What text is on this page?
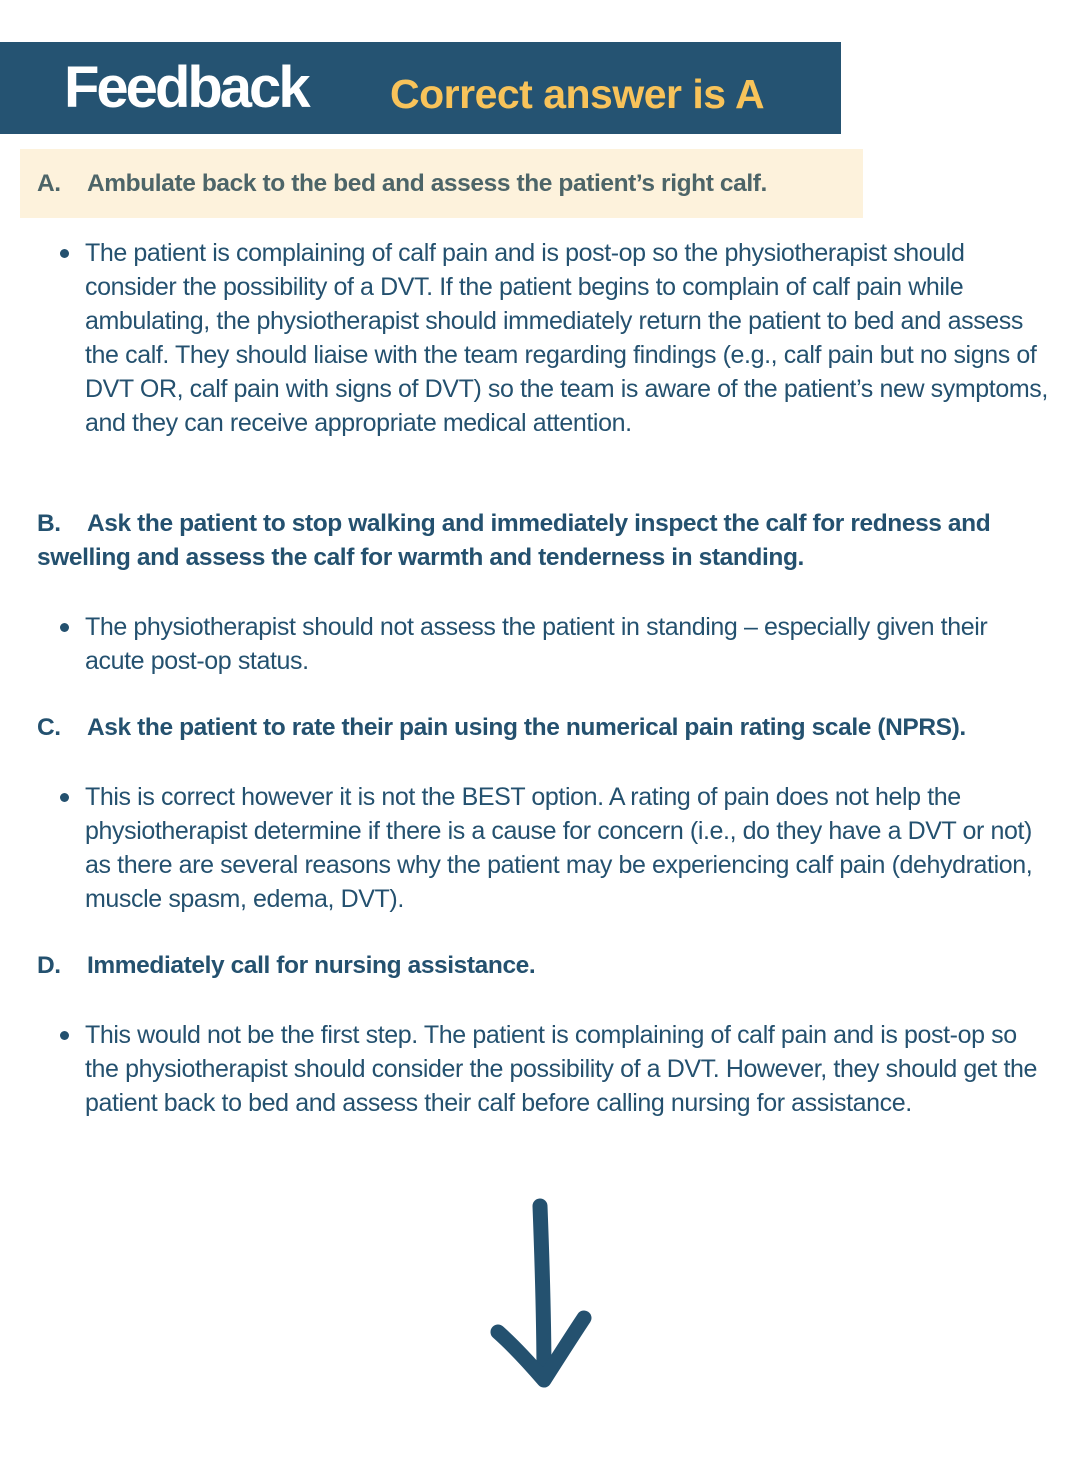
Feedback Correct answer is A
A. Ambulate back to the bed and assess the patient’s right calf.
The patient is complaining of calf pain and is post-op so the physiotherapist should consider the possibility of a DVT. If the patient begins to complain of calf pain while ambulating, the physiotherapist should immediately return the patient to bed and assess the calf. They should liaise with the team regarding findings (e.g., calf pain but no signs of DVT OR, calf pain with signs of DVT) so the team is aware of the patient’s new symptoms, and they can receive appropriate medical attention.
B. Ask the patient to stop walking and immediately inspect the calf for redness and swelling and assess the calf for warmth and tenderness in standing.
The physiotherapist should not assess the patient in standing – especially given their acute post-op status.
C. Ask the patient to rate their pain using the numerical pain rating scale (NPRS).
This is correct however it is not the BEST option. A rating of pain does not help the physiotherapist determine if there is a cause for concern (i.e., do they have a DVT or not) as there are several reasons why the patient may be experiencing calf pain (dehydration, muscle spasm, edema, DVT).
D. Immediately call for nursing assistance.
This would not be the first step. The patient is complaining of calf pain and is post-op so the physiotherapist should consider the possibility of a DVT. However, they should get the patient back to bed and assess their calf before calling nursing for assistance.
